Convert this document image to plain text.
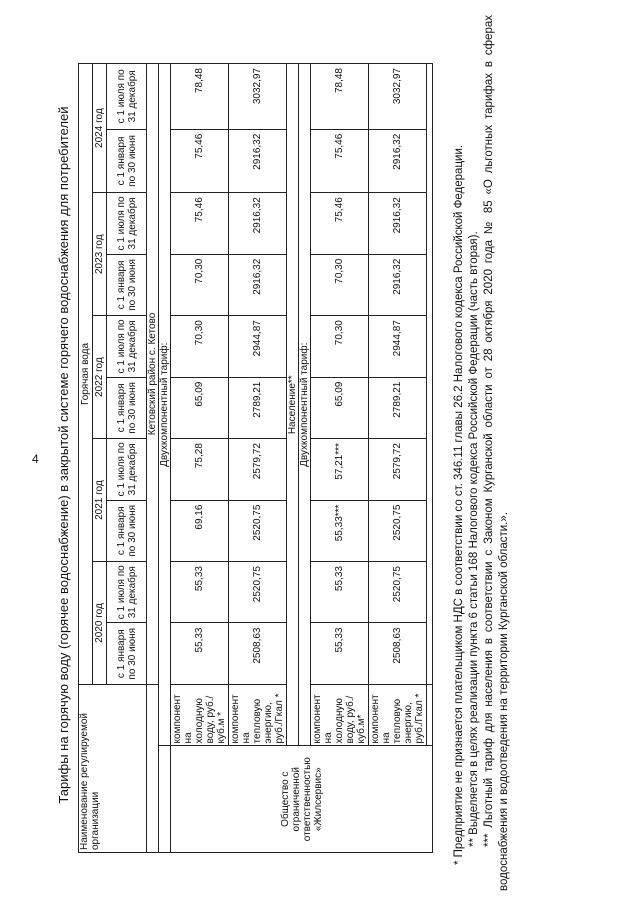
4 Тарифы на горячую воду (горячее водоснабжение) в закрытой системе горячего водоснабжения для потребителей Наименование регулируемой организации		Горячая вода									
		2020 год		2021 год		2022 год		2023 год		2024 год	
		с 1 января по 30 июня	с 1 июля по 31 декабря	с 1 января по 30 июня	с 1 июля по 31 декабря	с 1 января по 30 июня	с 1 июля по 31 декабря	с 1 января по 30 июня	с 1 июля по 31 декабря	с 1 января по 30 июня	с 1 июля по 31 декабря
		Кетовский район с. Кетово									
	Двухкомпонентный тариф:										
Общество с ограниченной ответственностью «Жилсервис»	компонент на холодную воду, руб./куб.м *	55,33	55,33	69,16	75,28	65,09	70,30	70,30	75,46	75,46	78,48
	компонент на тепловую энергию, руб./Гкал *	2508,63	2520,75	2520,75	2579,72	2789,21	2944,87	2916,32	2916,32	2916,32	3032,97
	Население**										
	Двухкомпонентный тариф:										
	компонент на холодную воду, руб./куб.м*	55,33	55,33	55,33***	57,21***	65,09	70,30	70,30	75,46	75,46	78,48
	компонент на тепловую энергию, руб./Гкал *	2508,63	2520,75	2520,75	2579,72	2789,21	2944,87	2916,32	2916,32	2916,32	3032,97

* Предприятие не признается плательщиком НДС в соответствии со ст. 346.11 главы 26.2 Налогового кодекса Российской Федерации. ** Выделяется в целях реализации пункта 6 статьи 168 Налогового кодекса Российской Федерации (часть вторая). *** Льготный тариф для населения в соответствии с Законом Курганской области от 28 октября 2020 года № 85 «О льготных тарифах в сферах водоснабжения и водоотведения на территории Курганской области.».
